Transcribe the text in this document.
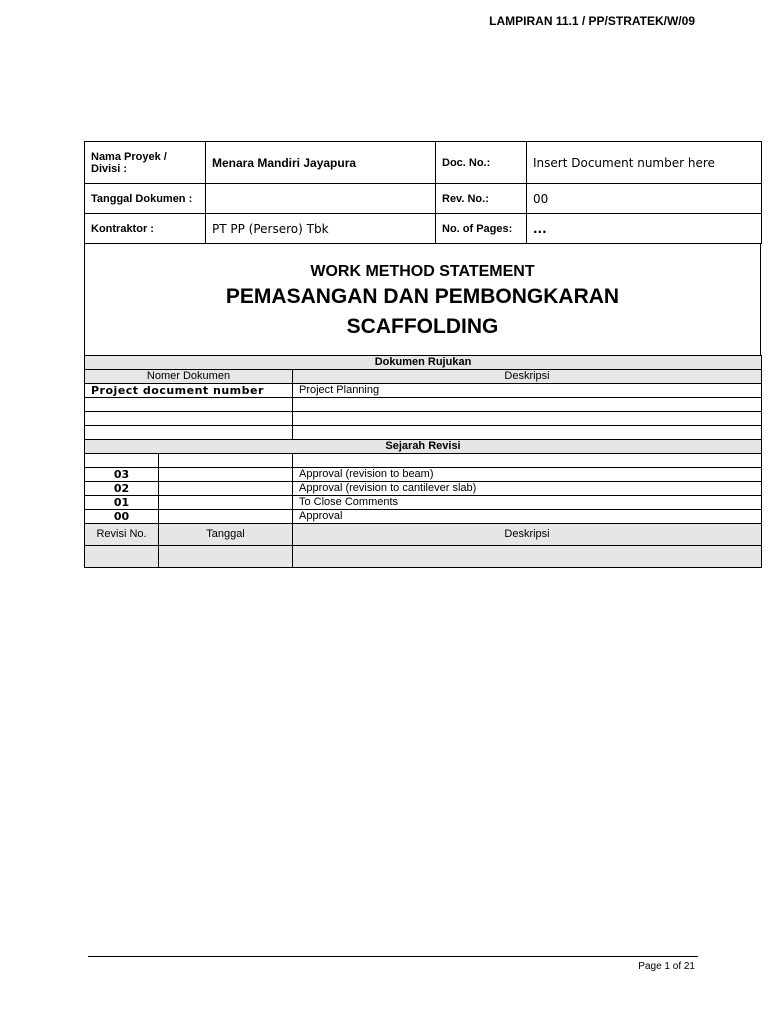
LAMPIRAN 11.1 / PP/STRATEK/W/09
Nama Proyek / Divisi :	Menara Mandiri Jayapura	Doc. No.:	Insert Document number here
Tanggal Dokumen :		Rev. No.:	00
Kontraktor :	PT PP (Persero) Tbk	No. of Pages:	...
WORK METHOD STATEMENT
PEMASANGAN DAN PEMBONGKARAN
SCAFFOLDING
Dokumen Rujukan		
Nomer Dokumen		Deskripsi
Project document number		Project Planning

Sejarah Revisi		

03		Approval (revision to beam)
02		Approval (revision to cantilever slab)
01		To Close Comments
00		Approval
Revisi No.	Tanggal	Deskripsi

Page 1 of 21
